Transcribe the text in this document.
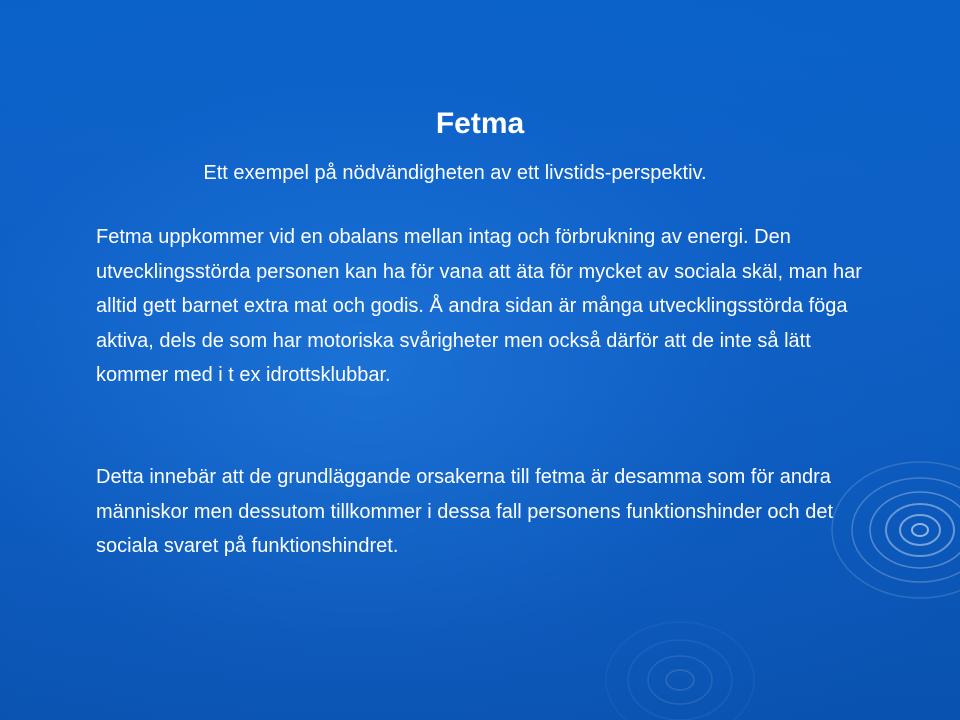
Fetma

Ett exempel på nödvändigheten av ett livstids-perspektiv.

Fetma uppkommer vid en obalans mellan intag och förbrukning av energi. Den utvecklingsstörda personen kan ha för vana att äta för mycket av sociala skäl, man har alltid gett barnet extra mat och godis. Å andra sidan är många utvecklingsstörda föga aktiva, dels de som har motoriska svårigheter men också därför att de inte så lätt kommer med i t ex idrottsklubbar.

Detta innebär att de grundläggande orsakerna till fetma är desamma som för andra människor men dessutom tillkommer i dessa fall personens funktionshinder och det sociala svaret på funktionshindret.
